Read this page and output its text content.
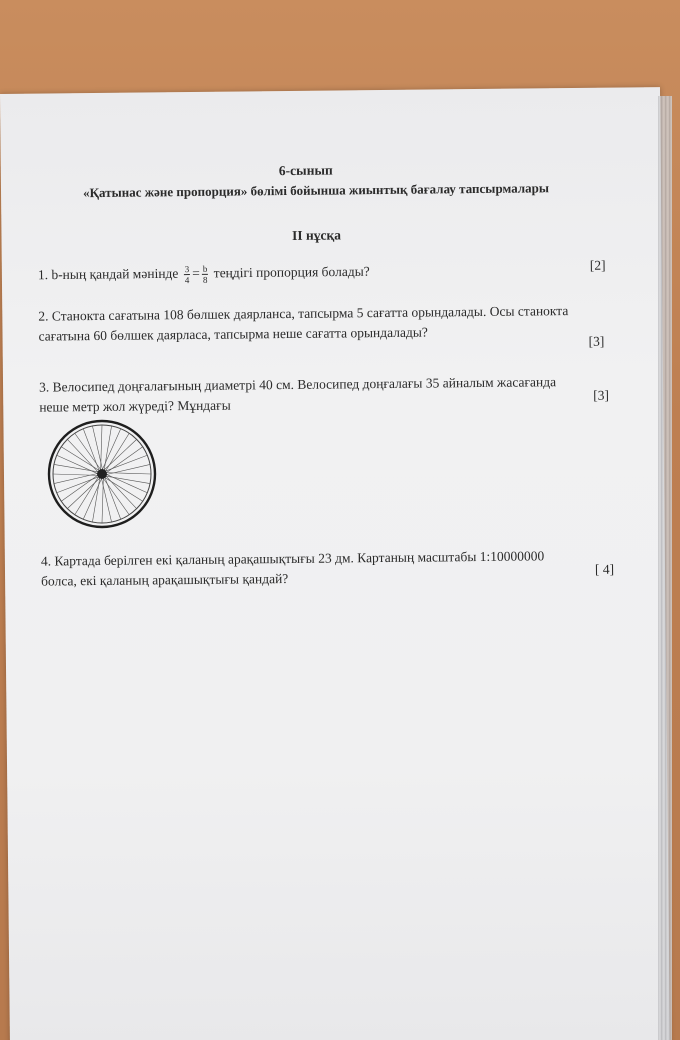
6-сынып
«Қатынас және пропорция» бөлімі бойынша жиынтық бағалау тапсырмалары
II нұсқа
1. b-ның қандай мәнінде $\frac{3}{4} = \frac{b}{8}$ теңдігі пропорция болады?	[2]
2. Станокта сағатына 108 бөлшек даярланса, тапсырма 5 сағатта орындалады. Осы станокта
сағатына 60 бөлшек даярласа, тапсырма неше сағатта орындалады?	[3]
3. Велосипед доңғалағының диаметрі 40 см. Велосипед доңғалағы 35 айналым жасағанда
неше метр жол жүреді? Мұндағы
[3]
4. Картада берілген екі қаланың арақашықтығы 23 дм. Картаның масштабы 1:10000000
болса, екі қаланың арақашықтығы қандай?
[ 4]
